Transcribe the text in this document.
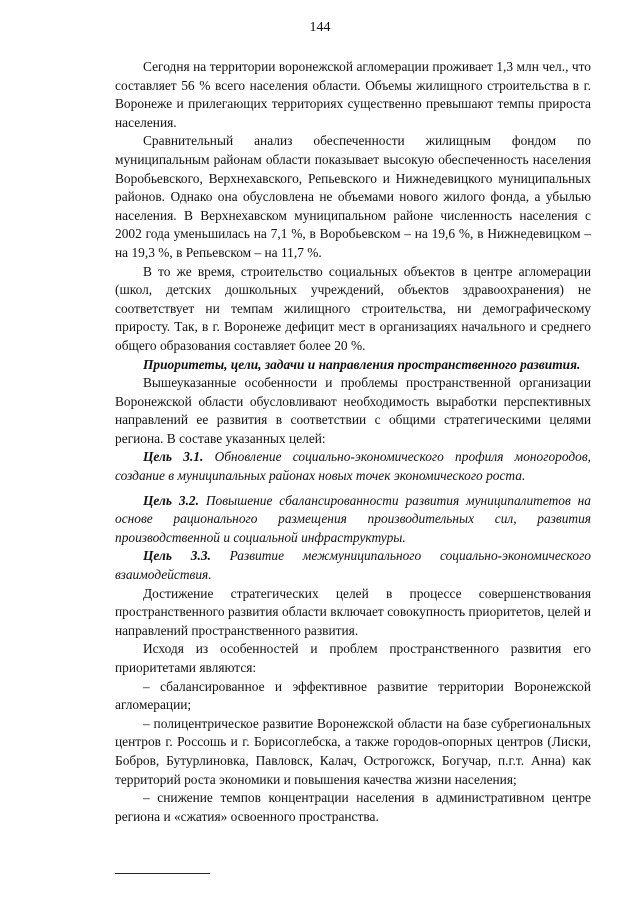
144

Сегодня на территории воронежской агломерации проживает 1,3 млн чел., что составляет 56 % всего населения области. Объемы жилищного строительства в г. Воронеже и прилегающих территориях существенно превышают темпы прироста населения.

Сравнительный анализ обеспеченности жилищным фондом по муниципальным районам области показывает высокую обеспеченность населения Воробьевского, Верхнехавского, Репьевского и Нижнедевицкого муниципальных районов. Однако она обусловлена не объемами нового жилого фонда, а убылью населения. В Верхнехавском муниципальном районе численность населения с 2002 года уменьшилась на 7,1 %, в Воробьевском – на 19,6 %, в Нижнедевицком – на 19,3 %, в Репьевском – на 11,7 %.

В то же время, строительство социальных объектов в центре агломерации (школ, детских дошкольных учреждений, объектов здравоохранения) не соответствует ни темпам жилищного строительства, ни демографическому приросту. Так, в г. Воронеже дефицит мест в организациях начального и среднего общего образования составляет более 20 %.

Приоритеты, цели, задачи и направления пространственного развития.

Вышеуказанные особенности и проблемы пространственной организации Воронежской области обусловливают необходимость выработки перспективных направлений ее развития в соответствии с общими стратегическими целями региона. В составе указанных целей:

Цель 3.1. Обновление социально-экономического профиля моногородов, создание в муниципальных районах новых точек экономического роста.

Цель 3.2. Повышение сбалансированности развития муниципалитетов на основе рационального размещения производительных сил, развития производственной и социальной инфраструктуры.

Цель 3.3. Развитие межмуниципального социально-экономического взаимодействия.

Достижение стратегических целей в процессе совершенствования пространственного развития области включает совокупность приоритетов, целей и направлений пространственного развития.

Исходя из особенностей и проблем пространственного развития его приоритетами являются:

– сбалансированное и эффективное развитие территории Воронежской агломерации;

– полицентрическое развитие Воронежской области на базе субрегиональных центров г. Россошь и г. Борисоглебска, а также городов-опорных центров (Лиски, Бобров, Бутурлиновка, Павловск, Калач, Острогожск, Богучар, п.г.т. Анна) как территорий роста экономики и повышения качества жизни населения;

– снижение темпов концентрации населения в административном центре региона и «сжатия» освоенного пространства.
